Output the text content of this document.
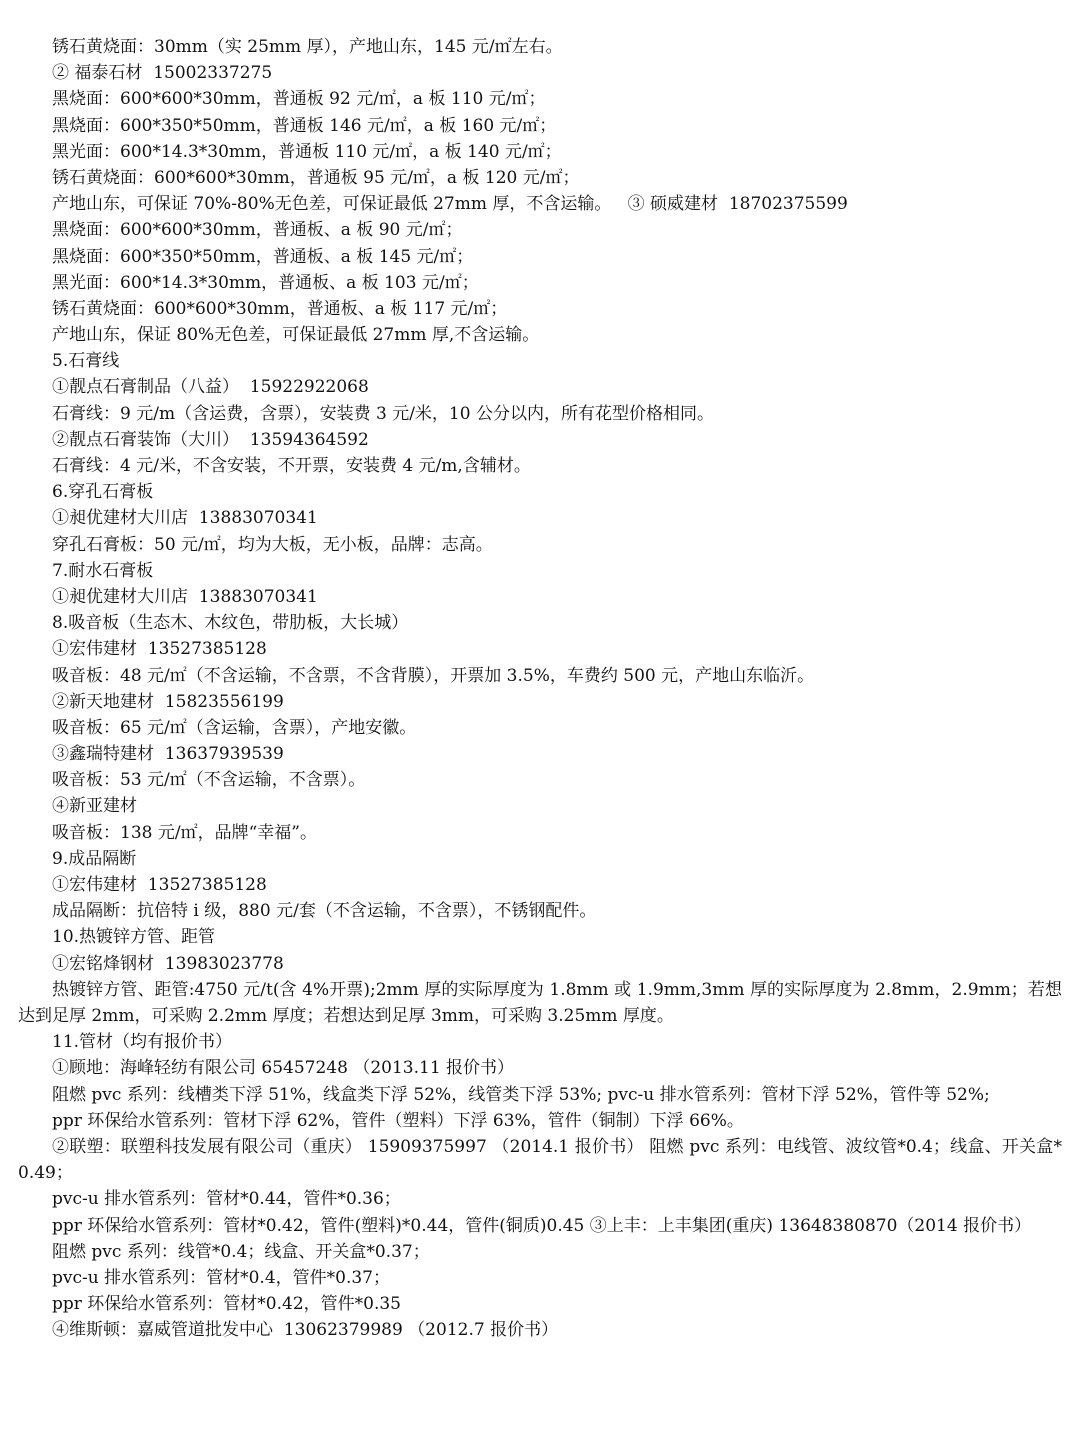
锈石黄烧面：30mm（实 25mm 厚），产地山东，145 元/㎡左右。
② 福泰石材  15002337275
黑烧面：600*600*30mm，普通板 92 元/㎡，a 板 110 元/㎡；
黑烧面：600*350*50mm，普通板 146 元/㎡，a 板 160 元/㎡；
黑光面：600*14.3*30mm，普通板 110 元/㎡，a 板 140 元/㎡；
锈石黄烧面：600*600*30mm，普通板 95 元/㎡，a 板 120 元/㎡；
产地山东，可保证 70%-80%无色差，可保证最低 27mm 厚，不含运输。   ③ 硕威建材  18702375599
黑烧面：600*600*30mm，普通板、a 板 90 元/㎡；
黑烧面：600*350*50mm，普通板、a 板 145 元/㎡；
黑光面：600*14.3*30mm，普通板、a 板 103 元/㎡；
锈石黄烧面：600*600*30mm，普通板、a 板 117 元/㎡；
产地山东，保证 80%无色差，可保证最低 27mm 厚,不含运输。
5.石膏线
①靓点石膏制品（八益）  15922922068
石膏线：9 元/m（含运费，含票），安装费 3 元/米，10 公分以内，所有花型价格相同。
②靓点石膏装饰（大川）  13594364592
石膏线：4 元/米，不含安装，不开票，安装费 4 元/m,含辅材。
6.穿孔石膏板
①昶优建材大川店  13883070341
穿孔石膏板：50 元/㎡，均为大板，无小板，品牌：志高。
7.耐水石膏板
①昶优建材大川店  13883070341
8.吸音板（生态木、木纹色，带肋板，大长城）
①宏伟建材  13527385128
吸音板：48 元/㎡（不含运输，不含票，不含背膜），开票加 3.5%，车费约 500 元，产地山东临沂。
②新天地建材  15823556199
吸音板：65 元/㎡（含运输，含票），产地安徽。
③鑫瑞特建材  13637939539
吸音板：53 元/㎡（不含运输，不含票）。
④新亚建材
吸音板：138 元/㎡，品牌“幸福”。
9.成品隔断
①宏伟建材  13527385128
成品隔断：抗倍特 i 级，880 元/套（不含运输，不含票），不锈钢配件。
10.热镀锌方管、距管
①宏铭烽钢材  13983023778
热镀锌方管、距管:4750 元/t(含 4%开票);2mm 厚的实际厚度为 1.8mm 或 1.9mm,3mm 厚的实际厚度为 2.8mm，2.9mm；若想达到足厚 2mm，可采购 2.2mm 厚度；若想达到足厚 3mm，可采购 3.25mm 厚度。
11.管材（均有报价书）
①顾地：海峰轻纺有限公司 65457248 （2013.11 报价书）
阻燃 pvc 系列：线槽类下浮 51%，线盒类下浮 52%，线管类下浮 53%; pvc-u 排水管系列：管材下浮 52%，管件等 52%;
ppr 环保给水管系列：管材下浮 62%，管件（塑料）下浮 63%，管件（铜制）下浮 66%。
②联塑：联塑科技发展有限公司（重庆） 15909375997 （2014.1 报价书） 阻燃 pvc 系列：电线管、波纹管*0.4；线盒、开关盒*0.49；
pvc-u 排水管系列：管材*0.44，管件*0.36；
ppr 环保给水管系列：管材*0.42，管件(塑料)*0.44，管件(铜质)0.45 ③上丰：上丰集团(重庆) 13648380870（2014 报价书）
阻燃 pvc 系列：线管*0.4；线盒、开关盒*0.37；
pvc-u 排水管系列：管材*0.4，管件*0.37；
ppr 环保给水管系列：管材*0.42，管件*0.35
④维斯顿：嘉威管道批发中心  13062379989 （2012.7 报价书）
